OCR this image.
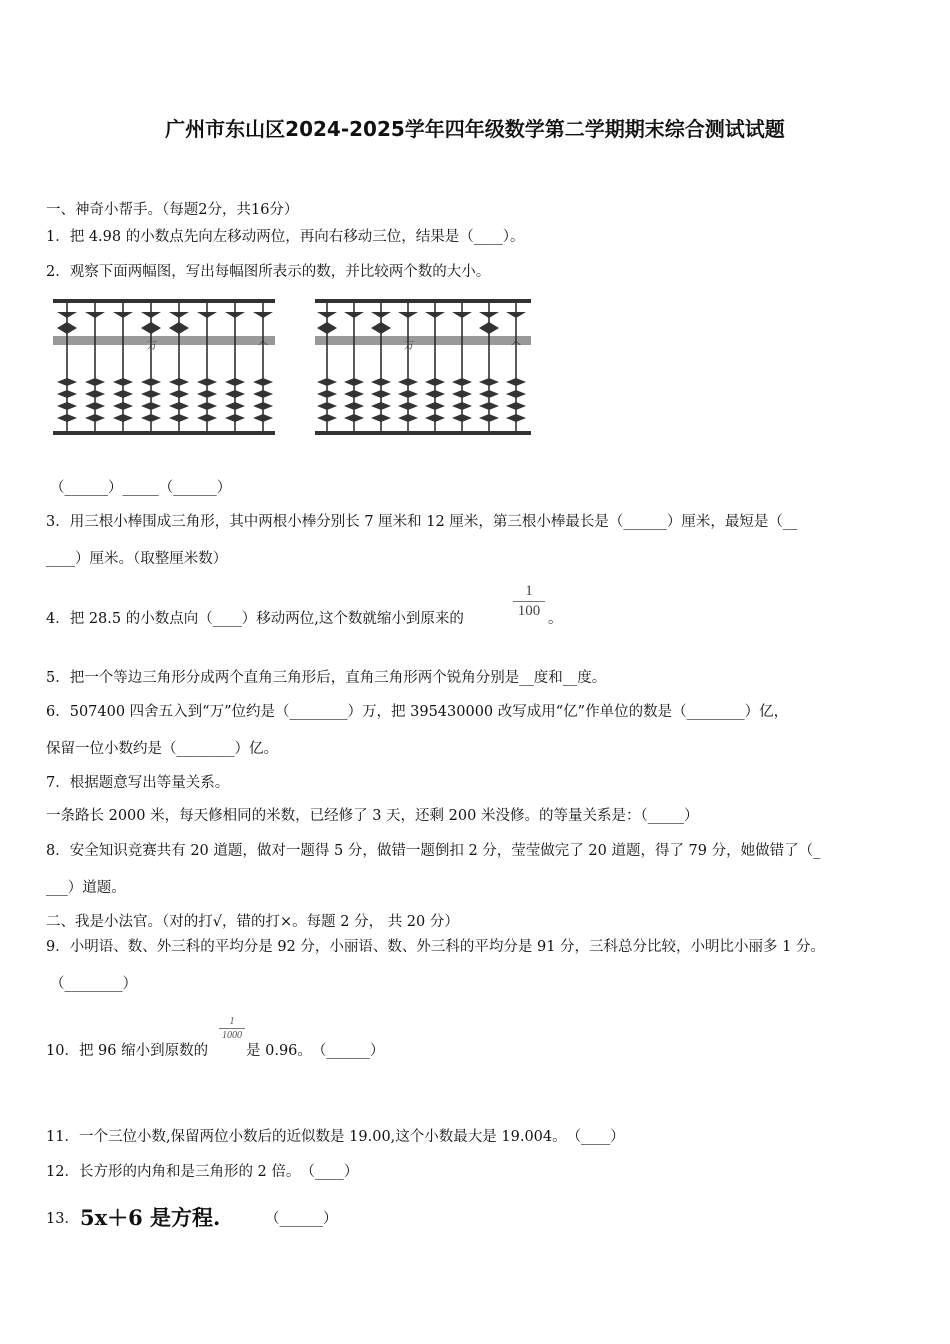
广州市东山区2024-2025学年四年级数学第二学期期末综合测试试题
一、神奇小帮手。（每题2分，共16分）
1．把 4.98 的小数点先向左移动两位，再向右移动三位，结果是（____）。
2．观察下面两幅图，写出每幅图所表示的数，并比较两个数的大小。
万	个	万	个
（______）_____（______）
3．用三根小棒围成三角形，其中两根小棒分别长 7 厘米和 12 厘米，第三根小棒最长是（______）厘米，最短是（__
____）厘米。（取整厘米数）
4．把 28.5 的小数点向（____）移动两位,这个数就缩小到原来的
1
100 。
5．把一个等边三角形分成两个直角三角形后，直角三角形两个锐角分别是__度和__度。
6．507400 四舍五入到“万”位约是（________）万，把 395430000 改写成用“亿”作单位的数是（________）亿，
保留一位小数约是（________）亿。
7．根据题意写出等量关系。
一条路长 2000 米，每天修相同的米数，已经修了 3 天，还剩 200 米没修。的等量关系是：（_____）
8．安全知识竞赛共有 20 道题，做对一题得 5 分，做错一题倒扣 2 分，莹莹做完了 20 道题，得了 79 分，她做错了（_
___）道题。
二、我是小法官。（对的打√，错的打×。每题 2 分， 共 20 分）
9．小明语、数、外三科的平均分是 92 分，小丽语、数、外三科的平均分是 91 分，三科总分比较，小明比小丽多 1 分。
（________）
10．把 96 缩小到原数的
1
1000
是 0.96。　（______）
11．一个三位小数,保留两位小数后的近似数是 19.00,这个小数最大是 19.004。　（____）
12．长方形的内角和是三角形的 2 倍。　（____）
13． 5x＋6 是方程.	（______）
